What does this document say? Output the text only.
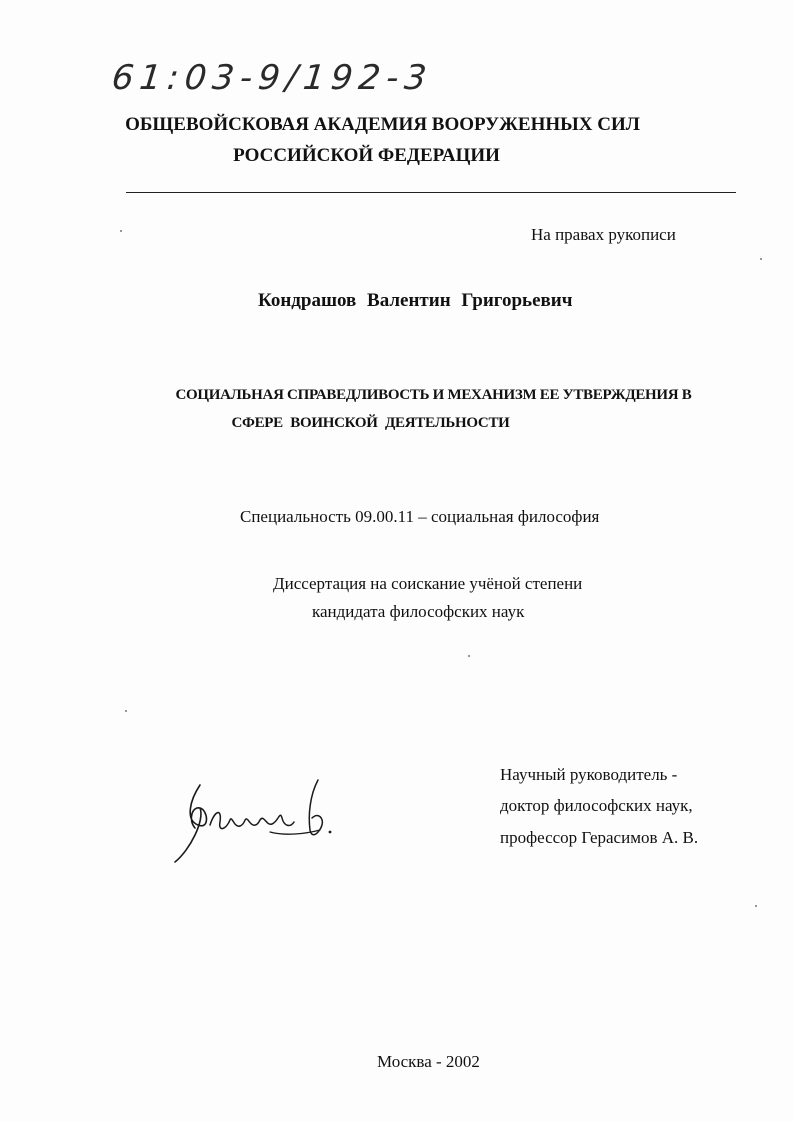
61:03-9/192-3
ОБЩЕВОЙСКОВАЯ АКАДЕМИЯ ВООРУЖЕННЫХ СИЛ
РОССИЙСКОЙ ФЕДЕРАЦИИ
На правах рукописи
Кондрашов Валентин Григорьевич
СОЦИАЛЬНАЯ СПРАВЕДЛИВОСТЬ И МЕХАНИЗМ ЕЕ УТВЕРЖДЕНИЯ В
СФЕРЕ ВОИНСКОЙ ДЕЯТЕЛЬНОСТИ
Специальность 09.00.11 – социальная философия
Диссертация на соискание учёной степени
кандидата философских наук
Научный руководитель -
доктор философских наук,
профессор Герасимов А. В.
Москва - 2002
